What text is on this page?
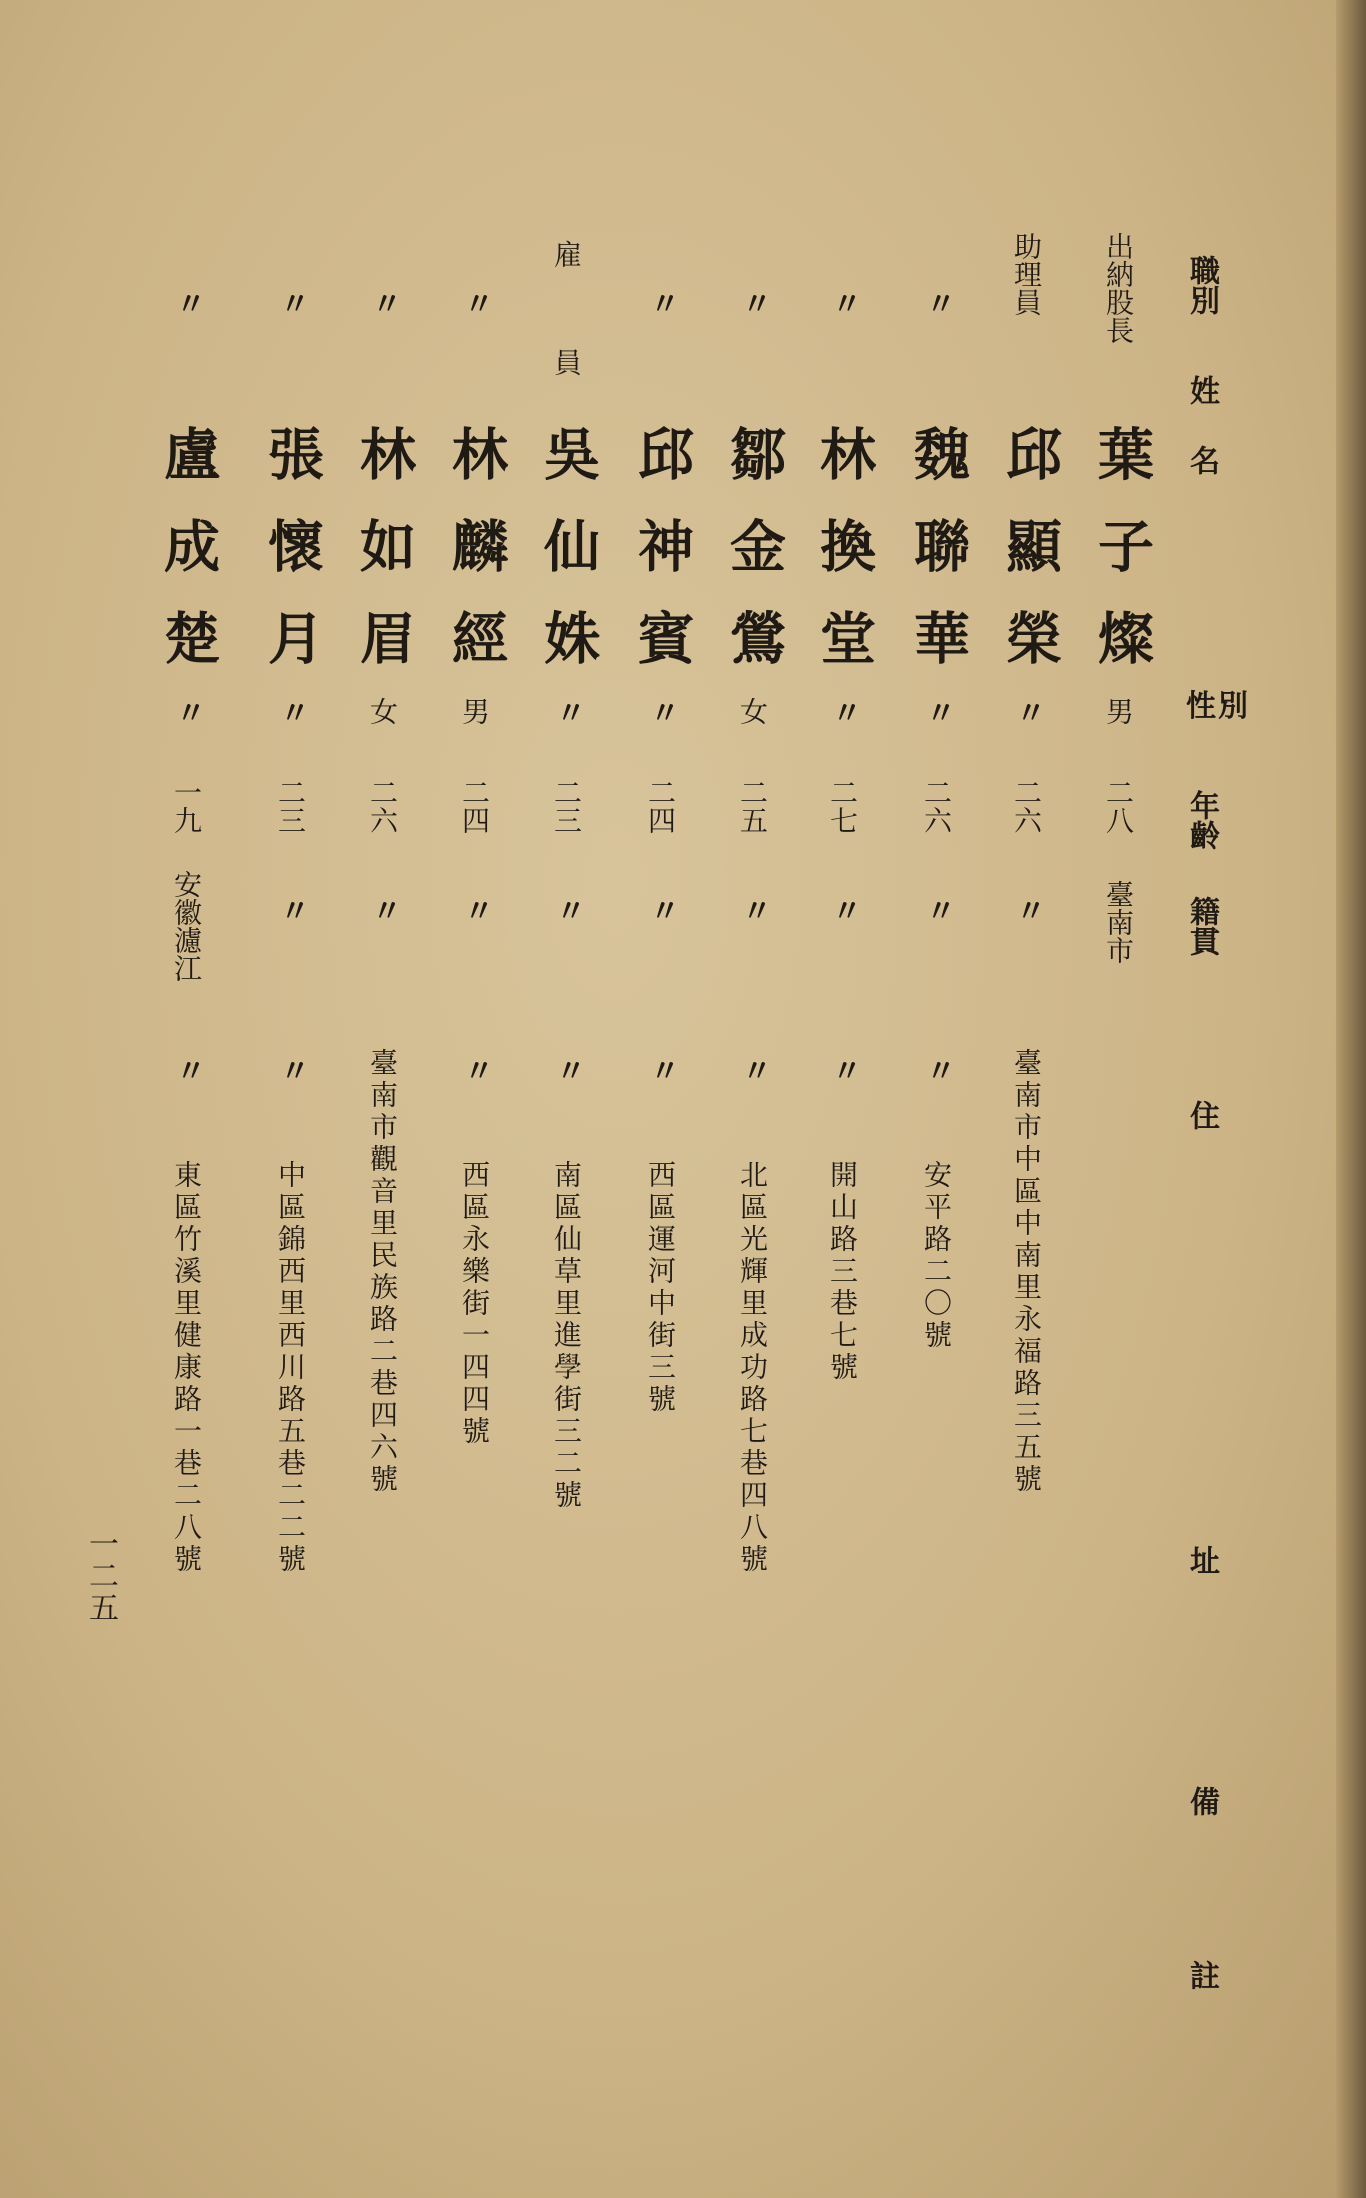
職別
姓名
性別
年齡
籍貫
住
址
備
註
出納股長
葉子燦
男
二八
臺南市
助理員
邱顯榮
〃
二六
〃
臺南市中區中南里永福路三五號
〃
魏聯華
〃
二六
〃
〃
安平路二〇號
〃
林換堂
〃
二七
〃
〃
開山路三巷七號
〃
鄒金鶯
女
二五
〃
〃
北區光輝里成功路七巷四八號
〃
邱神賓
〃
二四
〃
〃
西區運河中街三號
雇員
吳仙姝
〃
二三
〃
〃
南區仙草里進學街三二號
〃
林麟經
男
二四
〃
〃
西區永樂街一四四號
〃
林如眉
女
二六
〃
臺南市觀音里民族路二巷四六號
〃
張懷月
〃
二三
〃
〃
中區錦西里西川路五巷二二號
〃
盧成楚
〃
一九
安徽濾江
〃
東區竹溪里健康路一巷二八號
一二五
